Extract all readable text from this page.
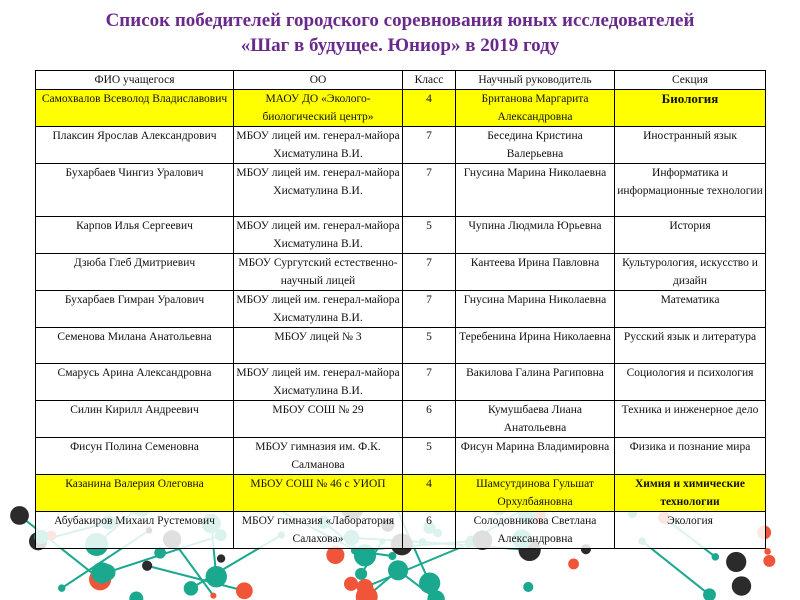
Список победителей городского соревнования юных исследователей
«Шаг в будущее. Юниор» в 2019 году
ФИО учащегося	ОО	Класс	Научный руководитель	Секция
Самохвалов Всеволод Владиславович	МАОУ ДО «Эколого-биологический центр»	4	Британова Маргарита Александровна	Биология
Плаксин Ярослав Александрович	МБОУ лицей им. генерал-майора Хисматулина В.И.	7	Беседина Кристина Валерьевна	Иностранный язык
Бухарбаев Чингиз Уралович	МБОУ лицей им. генерал-майора Хисматулина В.И.	7	Гнусина Марина Николаевна	Информатика и информационные технологии
Карпов Илья Сергеевич	МБОУ лицей им. генерал-майора Хисматулина В.И.	5	Чупина Людмила Юрьевна	История
Дзюба Глеб Дмитриевич	МБОУ Сургутский естественно-научный лицей	7	Кантеева Ирина Павловна	Культурология, искусство и дизайн
Бухарбаев Гимран Уралович	МБОУ лицей им. генерал-майора Хисматулина В.И.	7	Гнусина Марина Николаевна	Математика
Семенова Милана Анатольевна	МБОУ лицей № 3	5	Теребенина Ирина Николаевна	Русский язык и литература
Смарусь Арина Александровна	МБОУ лицей им. генерал-майора Хисматулина В.И.	7	Вакилова Галина Рагиповна	Социология и психология
Силин Кирилл Андреевич	МБОУ СОШ № 29	6	Кумушбаева Лиана Анатольевна	Техника и инженерное дело
Фисун Полина Семеновна	МБОУ гимназия им. Ф.К. Салманова	5	Фисун Марина Владимировна	Физика и познание мира
Казанина Валерия Олеговна	МБОУ СОШ № 46 с УИОП	4	Шамсутдинова Гульшат Орхулбаяновна	Химия и химические технологии
Абубакиров Михаил Рустемович	МБОУ гимназия «Лаборатория Салахова»	6	Солодовникова Светлана Александровна	Экология
